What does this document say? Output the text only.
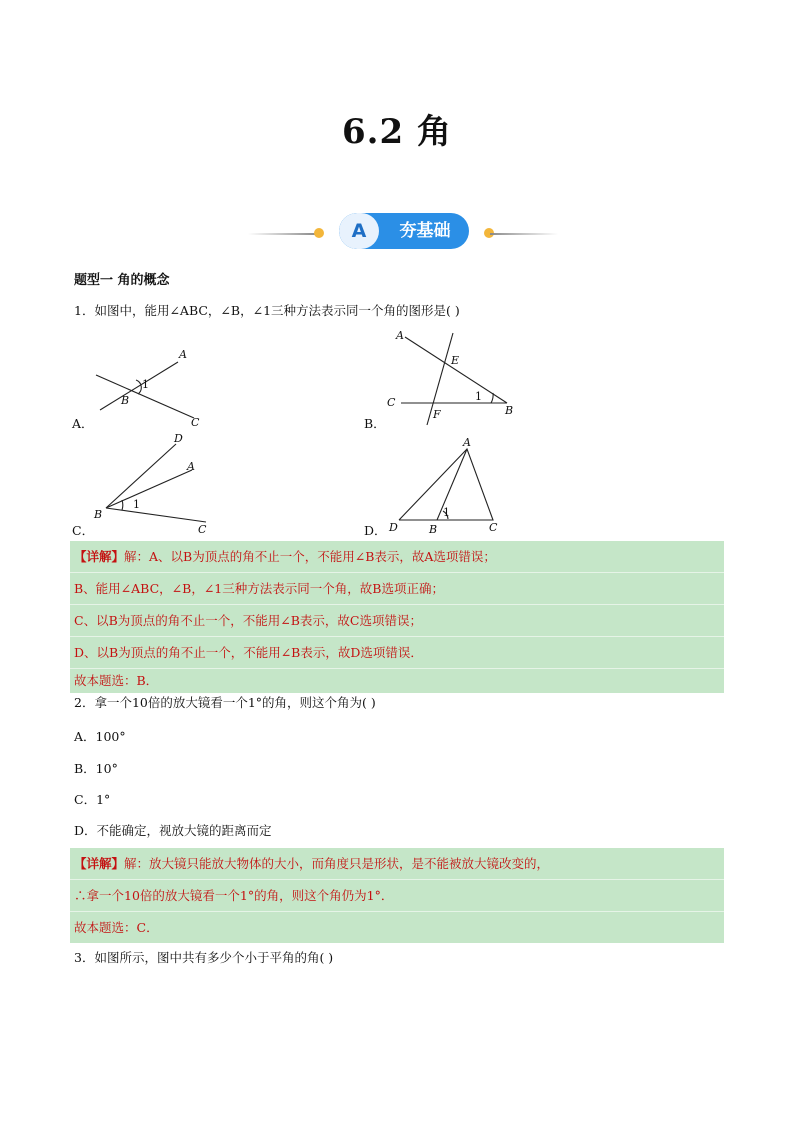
6.2 角
A	夯基础
题型一 角的概念
1．如图中，能用∠ABC，∠B，∠1三种方法表示同一个角的图形是( )
A．
A
1
B
C	B．
A
E
C	1
B
F
C．
D
A
1
B
C	D．
A
1
D	B	C
【详解】解：A、以B为顶点的角不止一个，不能用∠B表示，故A选项错误；
B、能用∠ABC，∠B，∠1三种方法表示同一个角，故B选项正确；
C、以B为顶点的角不止一个，不能用∠B表示，故C选项错误；
D、以B为顶点的角不止一个，不能用∠B表示，故D选项错误．
故本题选：B．
2．拿一个10倍的放大镜看一个1°的角，则这个角为( )
A．100°
B．10°
C．1°
D．不能确定，视放大镜的距离而定
【详解】解：放大镜只能放大物体的大小，而角度只是形状，是不能被放大镜改变的，
∴拿一个10倍的放大镜看一个1°的角，则这个角仍为1°．
故本题选：C．
3．如图所示，图中共有多少个小于平角的角( )
